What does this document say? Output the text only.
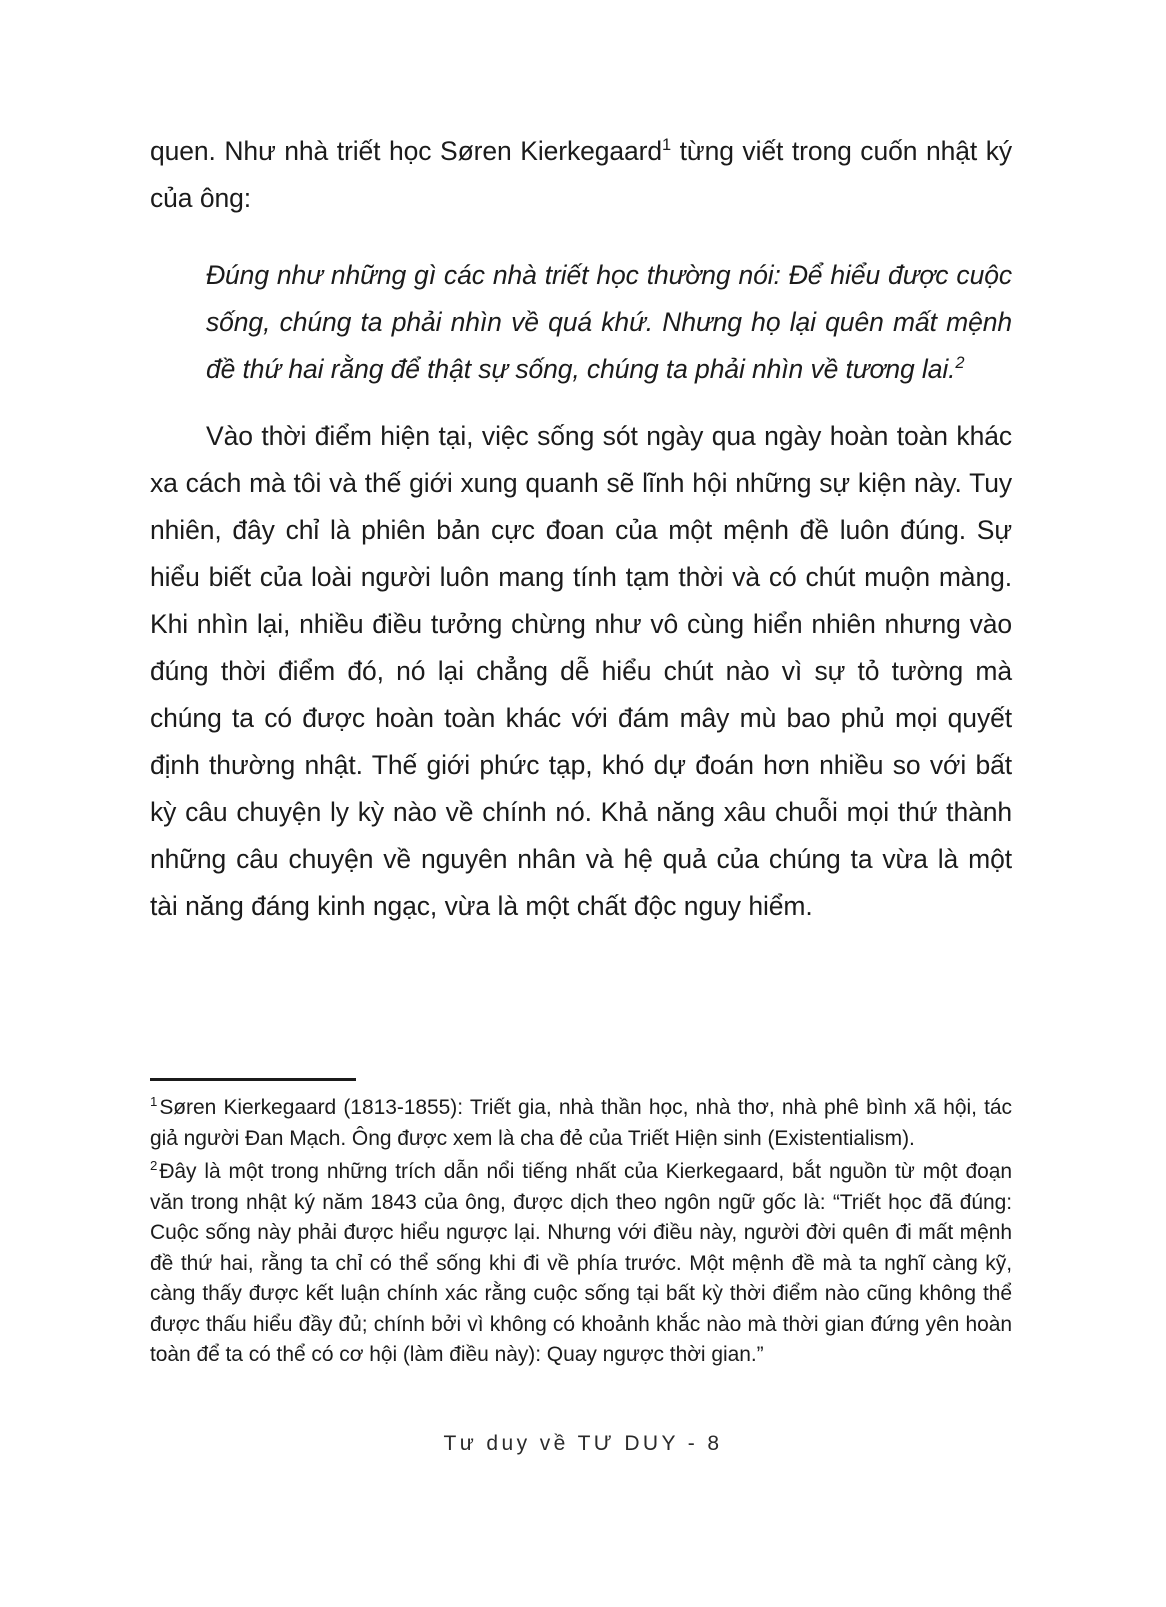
quen. Như nhà triết học Søren Kierkegaard$^1$ từng viết trong cuốn nhật ký của ông:

Đúng như những gì các nhà triết học thường nói: Để hiểu được cuộc sống, chúng ta phải nhìn về quá khứ. Nhưng họ lại quên mất mệnh đề thứ hai rằng để thật sự sống, chúng ta phải nhìn về tương lai.$^2$

Vào thời điểm hiện tại, việc sống sót ngày qua ngày hoàn toàn khác xa cách mà tôi và thế giới xung quanh sẽ lĩnh hội những sự kiện này. Tuy nhiên, đây chỉ là phiên bản cực đoan của một mệnh đề luôn đúng. Sự hiểu biết của loài người luôn mang tính tạm thời và có chút muộn màng. Khi nhìn lại, nhiều điều tưởng chừng như vô cùng hiển nhiên nhưng vào đúng thời điểm đó, nó lại chẳng dễ hiểu chút nào vì sự tỏ tường mà chúng ta có được hoàn toàn khác với đám mây mù bao phủ mọi quyết định thường nhật. Thế giới phức tạp, khó dự đoán hơn nhiều so với bất kỳ câu chuyện ly kỳ nào về chính nó. Khả năng xâu chuỗi mọi thứ thành những câu chuyện về nguyên nhân và hệ quả của chúng ta vừa là một tài năng đáng kinh ngạc, vừa là một chất độc nguy hiểm.

$^1$Søren Kierkegaard (1813-1855): Triết gia, nhà thần học, nhà thơ, nhà phê bình xã hội, tác giả người Đan Mạch. Ông được xem là cha đẻ của Triết Hiện sinh (Existentialism).

$^2$Đây là một trong những trích dẫn nổi tiếng nhất của Kierkegaard, bắt nguồn từ một đoạn văn trong nhật ký năm 1843 của ông, được dịch theo ngôn ngữ gốc là: “Triết học đã đúng: Cuộc sống này phải được hiểu ngược lại. Nhưng với điều này, người đời quên đi mất mệnh đề thứ hai, rằng ta chỉ có thể sống khi đi về phía trước. Một mệnh đề mà ta nghĩ càng kỹ, càng thấy được kết luận chính xác rằng cuộc sống tại bất kỳ thời điểm nào cũng không thể được thấu hiểu đầy đủ; chính bởi vì không có khoảnh khắc nào mà thời gian đứng yên hoàn toàn để ta có thể có cơ hội (làm điều này): Quay ngược thời gian.”

Tư duy về TƯ DUY - 8
